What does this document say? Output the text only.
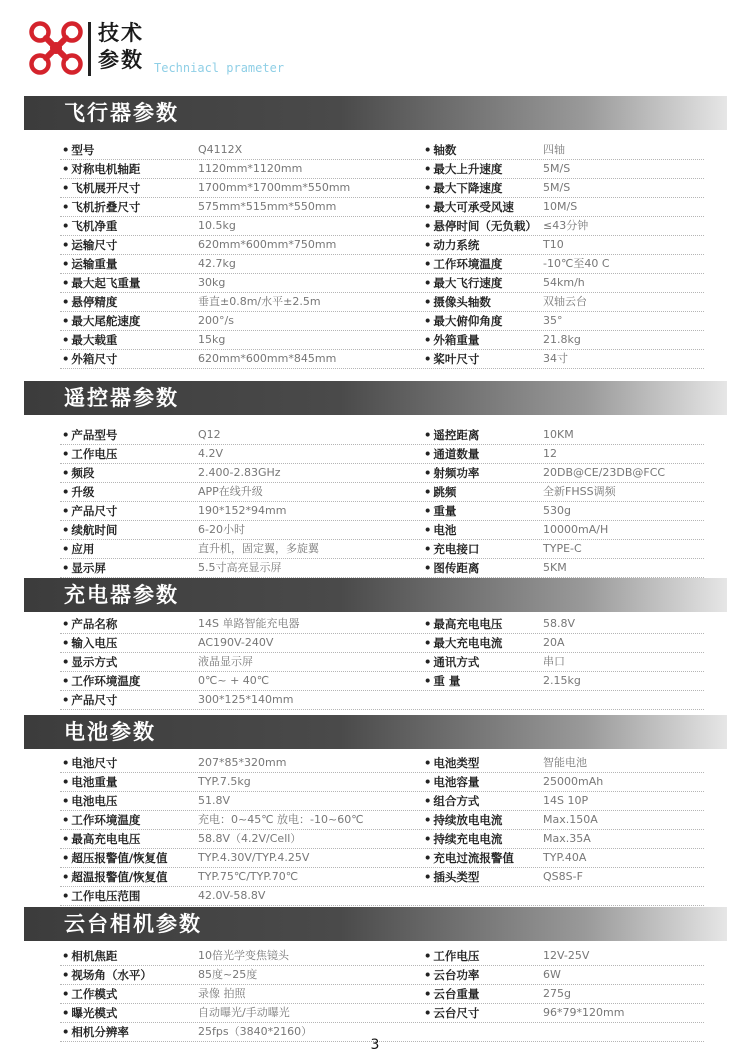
技术
参数 Techniacl prameter
飞行器参数
• 型号	Q4112X	• 轴数	四轴
• 对称电机轴距	1120mm*1120mm	• 最大上升速度	5M/S
• 飞机展开尺寸	1700mm*1700mm*550mm	• 最大下降速度	5M/S
• 飞机折叠尺寸	575mm*515mm*550mm	• 最大可承受风速	10M/S
• 飞机净重	10.5kg	• 悬停时间（无负载） ≤43分钟
• 运输尺寸	620mm*600mm*750mm	• 动力系统	T10
• 运输重量	42.7kg	• 工作环境温度	-10℃至40 C
• 最大起飞重量	30kg	• 最大飞行速度	54km/h
• 悬停精度	垂直±0.8m/水平±2.5m	• 摄像头轴数	双轴云台
• 最大尾舵速度	200°/s	• 最大俯仰角度	35°
• 最大载重	15kg	• 外箱重量	21.8kg
• 外箱尺寸	620mm*600mm*845mm	• 桨叶尺寸	34寸
遥控器参数
• 产品型号	Q12	• 遥控距离	10KM
• 工作电压	4.2V	• 通道数量	12
• 频段	2.400-2.83GHz	• 射频功率	20DB@CE/23DB@FCC
• 升级	APP在线升级	• 跳频	全新FHSS调频
• 产品尺寸	190*152*94mm	• 重量	530g
• 续航时间	6-20小时	• 电池	10000mA/H
• 应用	直升机，固定翼，多旋翼	• 充电接口	TYPE-C
• 显示屏	5.5寸高亮显示屏	• 图传距离	5KM
充电器参数
• 产品名称	14S 单路智能充电器	• 最高充电电压	58.8V
• 输入电压	AC190V-240V	• 最大充电电流	20A
• 显示方式	液晶显示屏	• 通讯方式	串口
• 工作环境温度	0℃~ + 40℃	• 重 量	2.15kg
• 产品尺寸	300*125*140mm
电池参数
• 电池尺寸	207*85*320mm	• 电池类型	智能电池
• 电池重量	TYP.7.5kg	• 电池容量	25000mAh
• 电池电压	51.8V	• 组合方式	14S 10P
• 工作环境温度	充电：0~45℃ 放电：-10~60℃	• 持续放电电流	Max.150A
• 最高充电电压	58.8V（4.2V/Cell）	• 持续充电电流	Max.35A
• 超压报警值/恢复值	TYP.4.30V/TYP.4.25V	• 充电过流报警值	TYP.40A
• 超温报警值/恢复值	TYP.75℃/TYP.70℃	• 插头类型	QS8S-F
• 工作电压范围	42.0V-58.8V
云台相机参数
• 相机焦距	10倍光学变焦镜头	• 工作电压	12V-25V
• 视场角（水平）	85度~25度	• 云台功率	6W
• 工作模式	录像 拍照	• 云台重量	275g
• 曝光模式	自动曝光/手动曝光	• 云台尺寸	96*79*120mm
• 相机分辨率	25fps（3840*2160）
3
